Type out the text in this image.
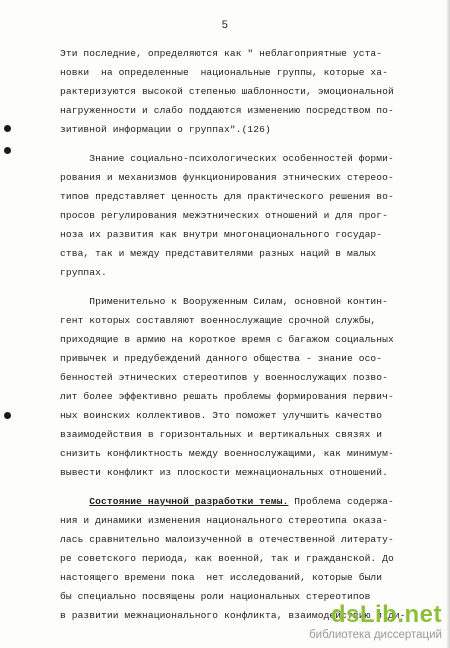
5
Эти последние, определяются как " неблагоприятные уста-
новки  на определенные  национальные группы, которые ха-
рактеризуются высокой степенью шаблонности, эмоциональной
нагруженности и слабо поддаются изменению посредством по-
зитивной информации о группах".(126)
Знание социально-психологических особенностей форми-
рования и механизмов функционирования этнических стереоо-
типов представляет ценность для практического решения во-
просов регулирования межэтнических отношений и для прог-
ноза их развития как внутри многонационального государ-
ства, так и между представителями разных наций в малых
группах.
Применительно к Вооруженным Силам, основной контин-
гент которых составляют военнослужащие срочной службы,
приходящие в армию на короткое время с багажом социальных
привычек и предубеждений данного общества - знание осо-
бенностей этнических стереотипов у военнослужащих позво-
лит более эффективно решать проблемы формирования первич-
ных воинских коллективов. Это поможет улучшить качество
взаимодействия в горизонтальных и вертикальных связях и
снизить конфликтность между военнослужащими, как минимум-
вывести конфликт из плоскости межнациональных отношений.
Состояние научной разработки темы. Проблема содержа-
ния и динамики изменения национального стереотипа оказа-
лась сравнительно малоизученной в отечественной литерату-
ре советского периода, как военной, так и гражданской. До
настоящего времени пока  нет исследований, которые были
бы специально посвящены роли национальных стереотипов
в развитии межнационального конфликта, взаимодействию и ди-
dsLib.net
библиотека диссертаций
